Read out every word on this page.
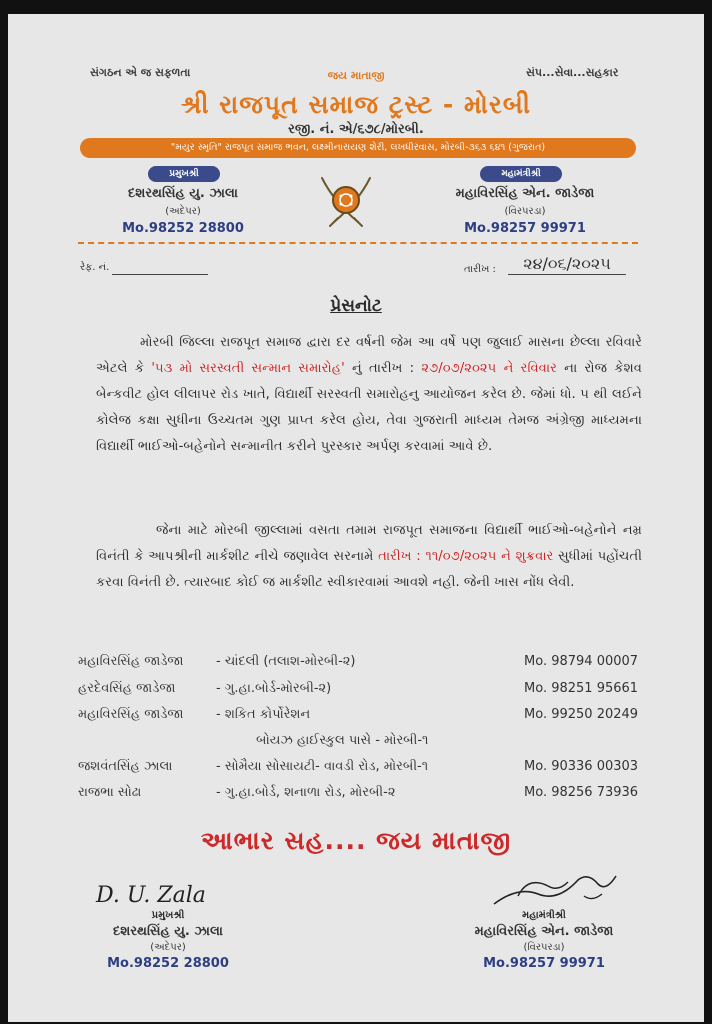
સંગઠન એ જ સફળતા	જય માતાજી	સંપ...સેવા...સહકાર
શ્રી રાજપૂત સમાજ ટ્રસ્ટ - મોરબી
રજી. નં. એ/૬૭૮/મોરબી.
"મયુર સ્મૃતિ" રાજપૂત સમાજ ભવન, લક્ષ્મીનારાયણ શેરી, લખધીરવાસ, મોરબી-૩૬૩ ૬૪૧ (ગુજરાત)
પ્રમુખશ્રી
દશરથસિંહ યુ. ઝાલા
(અદેપર)
Mo.98252 28800
મહામંત્રીશ્રી
મહાવિરસિંહ એન. જાડેજા
(વિરપરડા)
Mo.98257 99971
રેફ. નં.	તારીખ :	૨૪/૦૬/૨૦૨૫
પ્રેસનોટ
મોરબી જિલ્લા રાજપૂત સમાજ દ્વારા દર વર્ષની જેમ આ વર્ષે પણ જુલાઈ માસના છેલ્લા રવિવારે એટલે કે '૫૩ મો સરસ્વતી સન્માન સમારોહ' નું તારીખ : ૨૭/૦૭/૨૦૨૫ ને રવિવાર ના રોજ કેશવ બેન્કવીટ હોલ લીલાપર રોડ ખાતે, વિદ્યાર્થી સરસ્વતી સમારોહનુ આયોજન કરેલ છે. જેમાં ધો. ૫ થી લઈને કોલેજ કક્ષા સુધીના ઉચ્ચતમ ગુણ પ્રાપ્ત કરેલ હોય, તેવા ગુજરાતી માધ્યમ તેમજ અંગ્રેજી માધ્યમના વિદ્યાર્થી ભાઈઓ-બહેનોને સન્માનીત કરીને પુરસ્કાર અર્પણ કરવામાં આવે છે.
જેના માટે મોરબી જીલ્લામાં વસતા તમામ રાજપૂત સમાજના વિદ્યાર્થી ભાઈઓ-બહેનોને નમ્ર વિનંતી કે આપશ્રીની માર્કશીટ નીચે જણાવેલ સરનામે તારીખ : ૧૧/૦૭/૨૦૨૫ ને શુક્રવાર સુધીમાં પહોંચતી કરવા વિનંતી છે. ત્યારબાદ કોઈ જ માર્કશીટ સ્વીકારવામાં આવશે નહી. જેની ખાસ નોંધ લેવી.
મહાવિરસિંહ જાડેજા	- ચાંદલી (તલાશ-મોરબી-૨)	Mo. 98794 00007
હરદેવસિંહ જાડેજા	- ગુ.હા.બોર્ડ-મોરબી-૨)	Mo. 98251 95661
મહાવિરસિંહ જાડેજા	- શકિત કોર્પોરેશન	Mo. 99250 20249
બોયઝ હાઈસ્કુલ પાસે - મોરબી-૧
જશવંતસિંહ ઝાલા	- સોમૈયા સોસાયટી- વાવડી રોડ, મોરબી-૧	Mo. 90336 00303
રાજભા સોઢા	- ગુ.હા.બોર્ડ, શનાળા રોડ, મોરબી-૨	Mo. 98256 73936
આભાર સહ.... જય માતાજી
D. U. Zala
પ્રમુખશ્રી
દશરથસિંહ યુ. ઝાલા
(અદેપર)
Mo.98252 28800
મહામંત્રીશ્રી
મહાવિરસિંહ એન. જાડેજા
(વિરપરડા)
Mo.98257 99971
